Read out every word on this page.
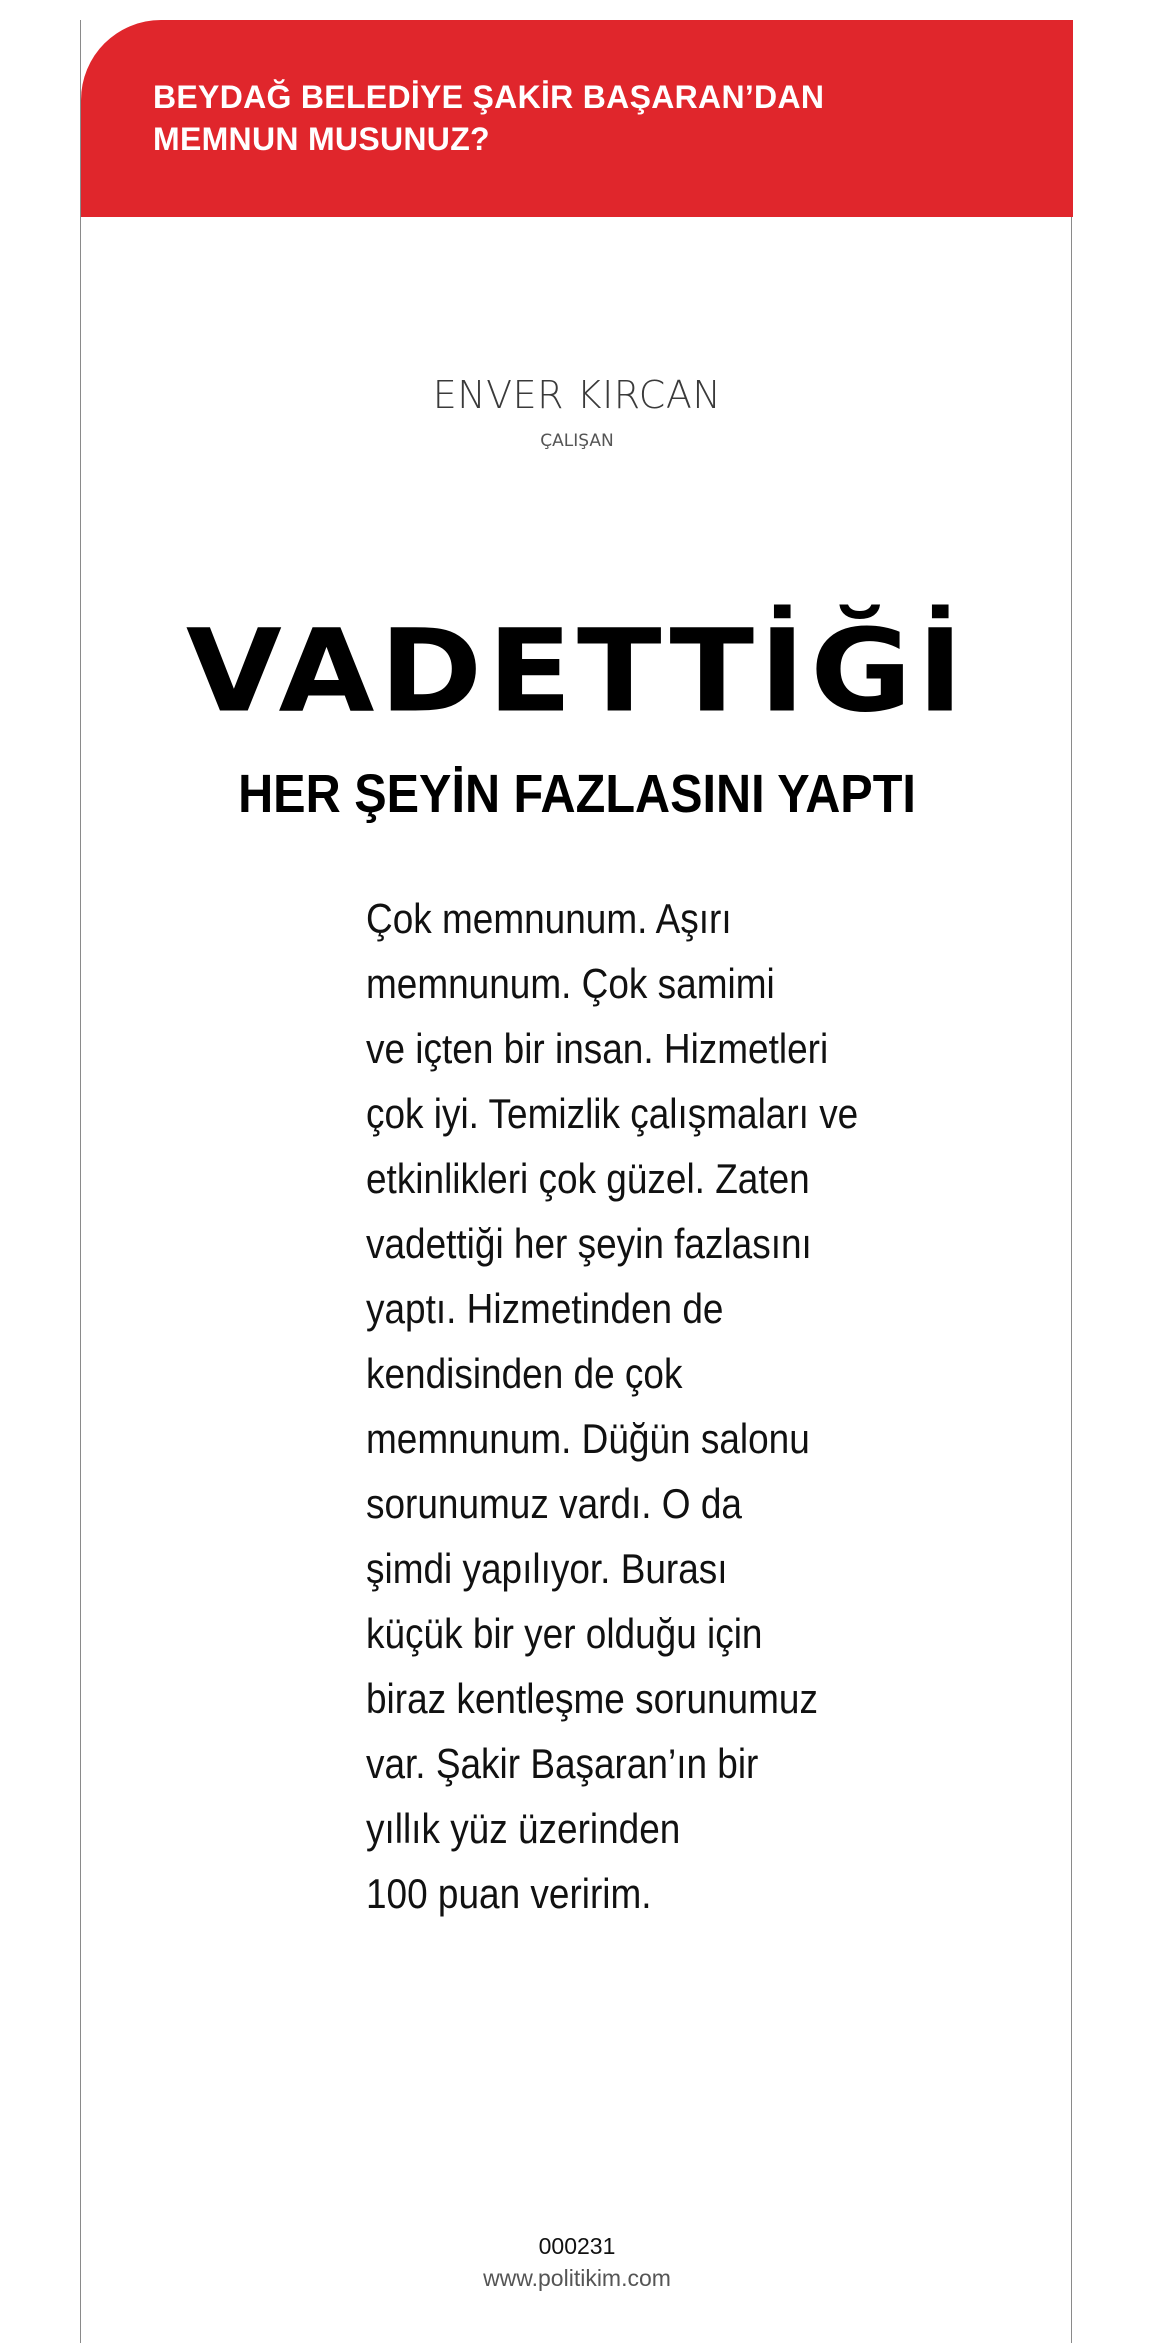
BEYDAĞ BELEDİYE ŞAKİR BAŞARAN’DAN
MEMNUN MUSUNUZ?
ENVER KIRCAN
ÇALIŞAN
VADETTİĞİ
HER ŞEYİN FAZLASINI YAPTI

Çok memnunum. Aşırı
memnunum. Çok samimi
ve içten bir insan. Hizmetleri
çok iyi. Temizlik çalışmaları ve
etkinlikleri çok güzel. Zaten
vadettiği her şeyin fazlasını
yaptı. Hizmetinden de
kendisinden de çok
memnunum. Düğün salonu
sorunumuz vardı. O da
şimdi yapılıyor. Burası
küçük bir yer olduğu için
biraz kentleşme sorunumuz
var. Şakir Başaran’ın bir
yıllık yüz üzerinden
100 puan veririm.

000231
www.politikim.com
